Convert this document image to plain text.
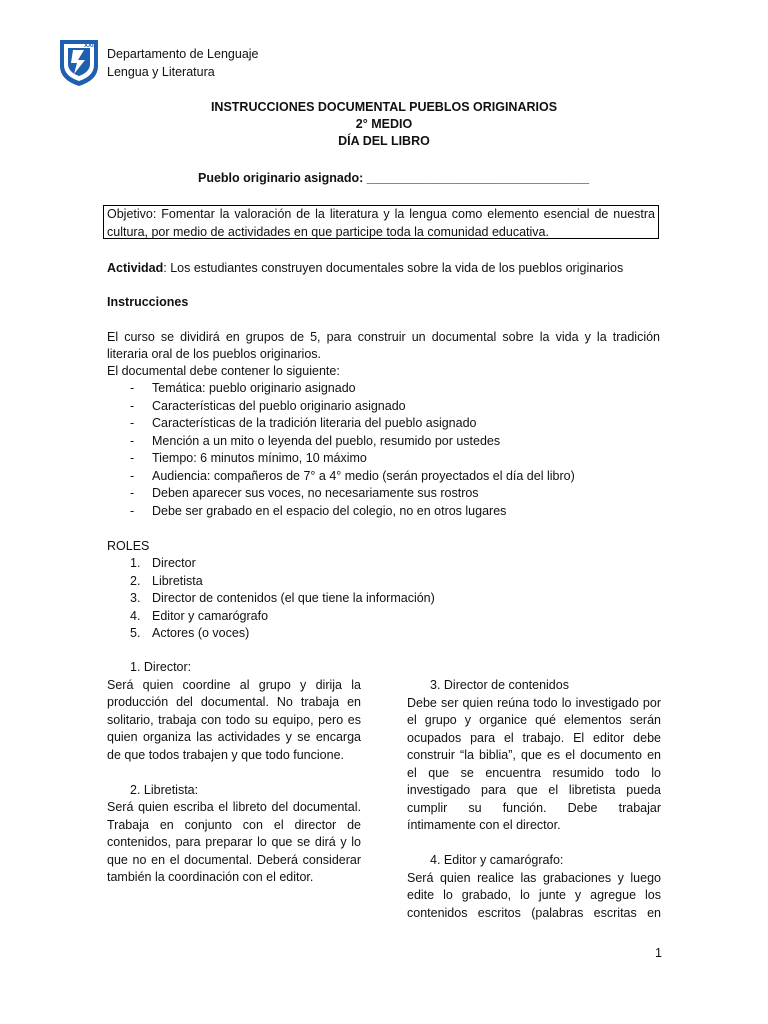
XXIII
Departamento de Lenguaje
Lengua y Literatura
INSTRUCCIONES DOCUMENTAL PUEBLOS ORIGINARIOS
2° MEDIO
DÍA DEL LIBRO
Pueblo originario asignado: ________________________________
Objetivo: Fomentar la valoración de la literatura y la lengua como elemento esencial de nuestra
cultura, por medio de actividades en que participe toda la comunidad educativa.
Actividad: Los estudiantes construyen documentales sobre la vida de los pueblos originarios
Instrucciones
El curso se dividirá en grupos de 5, para construir un documental sobre la vida y la tradición
literaria oral de los pueblos originarios.
El documental debe contener lo siguiente:
- Temática: pueblo originario asignado
- Características del pueblo originario asignado
- Características de la tradición literaria del pueblo asignado
- Mención a un mito o leyenda del pueblo, resumido por ustedes
- Tiempo: 6 minutos mínimo, 10 máximo
- Audiencia: compañeros de 7° a 4° medio (serán proyectados el día del libro)
- Deben aparecer sus voces, no necesariamente sus rostros
- Debe ser grabado en el espacio del colegio, no en otros lugares
ROLES
1. Director
2. Libretista
3. Director de contenidos (el que tiene la información)
4. Editor y camarógrafo
5. Actores (o voces)
1. Director:
Será quien coordine al grupo y dirija la
producción del documental. No trabaja en
solitario, trabaja con todo su equipo, pero es
quien organiza las actividades y se encarga
de que todos trabajen y que todo funcione.
2. Libretista:
Será quien escriba el libreto del documental.
Trabaja en conjunto con el director de
contenidos, para preparar lo que se dirá y lo
que no en el documental. Deberá considerar
también la coordinación con el editor.
3. Director de contenidos
Debe ser quien reúna todo lo investigado por
el grupo y organice qué elementos serán
ocupados para el trabajo. El editor debe
construir “la biblia”, que es el documento en
el que se encuentra resumido todo lo
investigado para que el libretista pueda
cumplir su función. Debe trabajar
íntimamente con el director.
4. Editor y camarógrafo:
Será quien realice las grabaciones y luego
edite lo grabado, lo junte y agregue los
contenidos escritos (palabras escritas en
1
